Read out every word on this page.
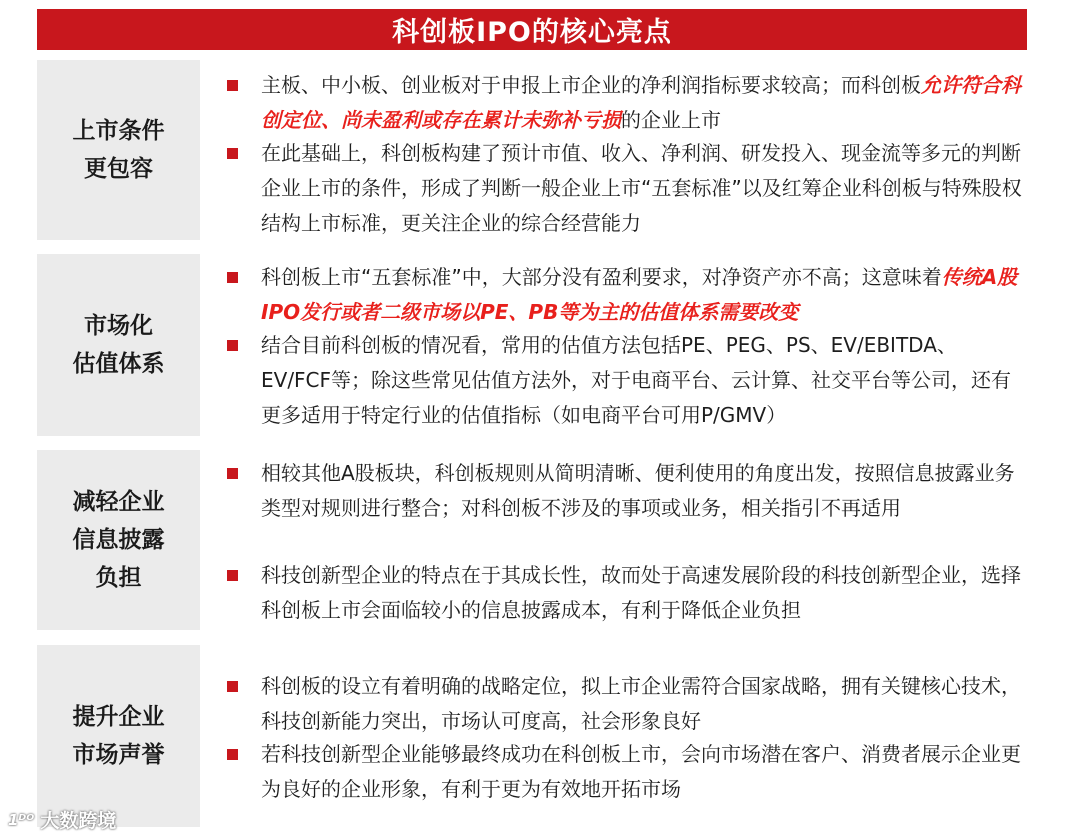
科创板IPO的核心亮点
上市条件
更包容
主板、中小板、创业板对于申报上市企业的净利润指标要求较高；而科创板允许符合科创定位、尚未盈利或存在累计未弥补亏损的企业上市
在此基础上，科创板构建了预计市值、收入、净利润、研发投入、现金流等多元的判断企业上市的条件，形成了判断一般企业上市“五套标准”以及红筹企业科创板与特殊股权结构上市标准，更关注企业的综合经营能力
市场化
估值体系
科创板上市“五套标准”中，大部分没有盈利要求，对净资产亦不高；这意味着传统A股IPO发行或者二级市场以PE、PB等为主的估值体系需要改变
结合目前科创板的情况看，常用的估值方法包括PE、PEG、PS、EV/EBITDA、EV/FCF等；除这些常见估值方法外，对于电商平台、云计算、社交平台等公司，还有更多适用于特定行业的估值指标（如电商平台可用P/GMV）
减轻企业
信息披露
负担
相较其他A股板块，科创板规则从简明清晰、便利使用的角度出发，按照信息披露业务类型对规则进行整合；对科创板不涉及的事项或业务，相关指引不再适用
科技创新型企业的特点在于其成长性，故而处于高速发展阶段的科技创新型企业，选择科创板上市会面临较小的信息披露成本，有利于降低企业负担
提升企业
市场声誉
科创板的设立有着明确的战略定位，拟上市企业需符合国家战略，拥有关键核心技术，科技创新能力突出，市场认可度高，社会形象良好
若科技创新型企业能够最终成功在科创板上市，会向市场潜在客户、消费者展示企业更为良好的企业形象，有利于更为有效地开拓市场
1ᴰᴼ 大数跨境
